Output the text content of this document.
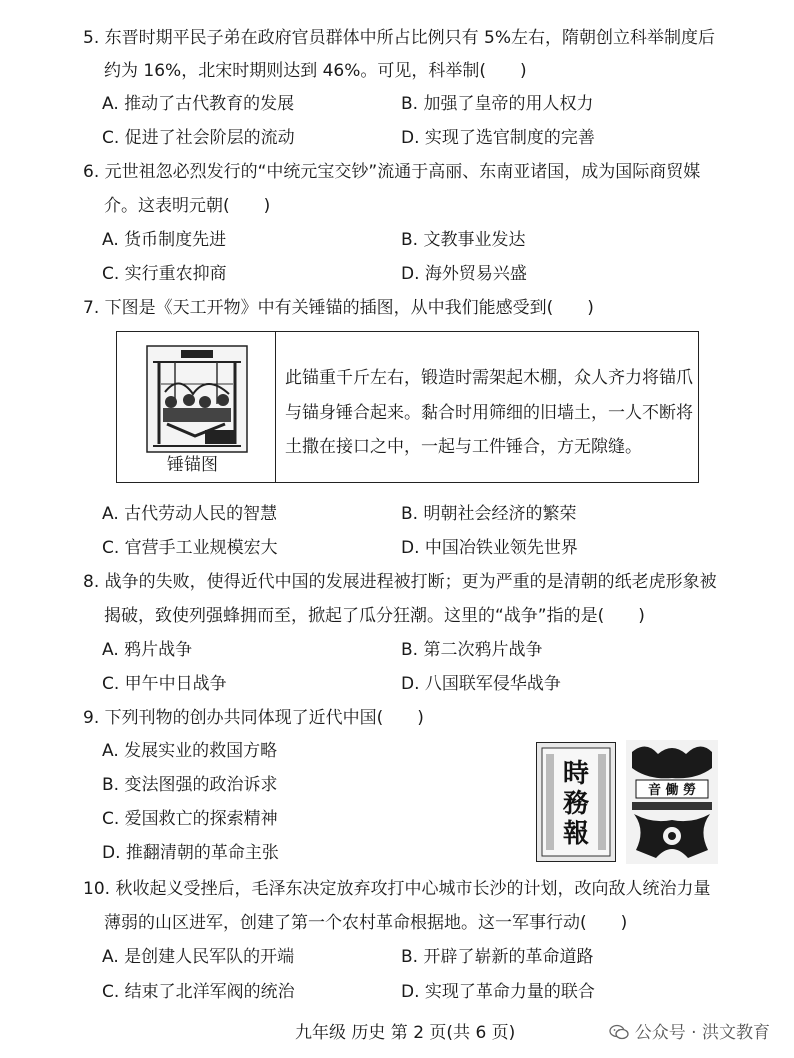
5. 东晋时期平民子弟在政府官员群体中所占比例只有 5%左右，隋朝创立科举制度后
约为 16%，北宋时期则达到 46%。可见，科举制(　　)
A. 推动了古代教育的发展	B. 加强了皇帝的用人权力
C. 促进了社会阶层的流动	D. 实现了选官制度的完善
6. 元世祖忽必烈发行的“中统元宝交钞”流通于高丽、东南亚诸国，成为国际商贸媒
介。这表明元朝(　　)
A. 货币制度先进	B. 文教事业发达
C. 实行重农抑商	D. 海外贸易兴盛
7. 下图是《天工开物》中有关锤锚的插图，从中我们能感受到(　　)
锤锚图
此锚重千斤左右，锻造时需架起木棚，众人齐力将锚爪
与锚身锤合起来。黏合时用筛细的旧墙土，一人不断将
土撒在接口之中，一起与工件锤合，方无隙缝。
A. 古代劳动人民的智慧	B. 明朝社会经济的繁荣
C. 官营手工业规模宏大	D. 中国冶铁业领先世界
8. 战争的失败，使得近代中国的发展进程被打断；更为严重的是清朝的纸老虎形象被
揭破，致使列强蜂拥而至，掀起了瓜分狂潮。这里的“战争”指的是(　　)
A. 鸦片战争	B. 第二次鸦片战争
C. 甲午中日战争	D. 八国联军侵华战争
9. 下列刊物的创办共同体现了近代中国(　　)
A. 发展实业的救国方略
B. 变法图强的政治诉求
C. 爱国救亡的探索精神
D. 推翻清朝的革命主张
時
務
報
音 働 勞
10. 秋收起义受挫后，毛泽东决定放弃攻打中心城市长沙的计划，改向敌人统治力量
薄弱的山区进军，创建了第一个农村革命根据地。这一军事行动(　　)
A. 是创建人民军队的开端	B. 开辟了崭新的革命道路
C. 结束了北洋军阀的统治	D. 实现了革命力量的联合
九年级 历史 第 2 页(共 6 页)	公众号 · 洪文教育
